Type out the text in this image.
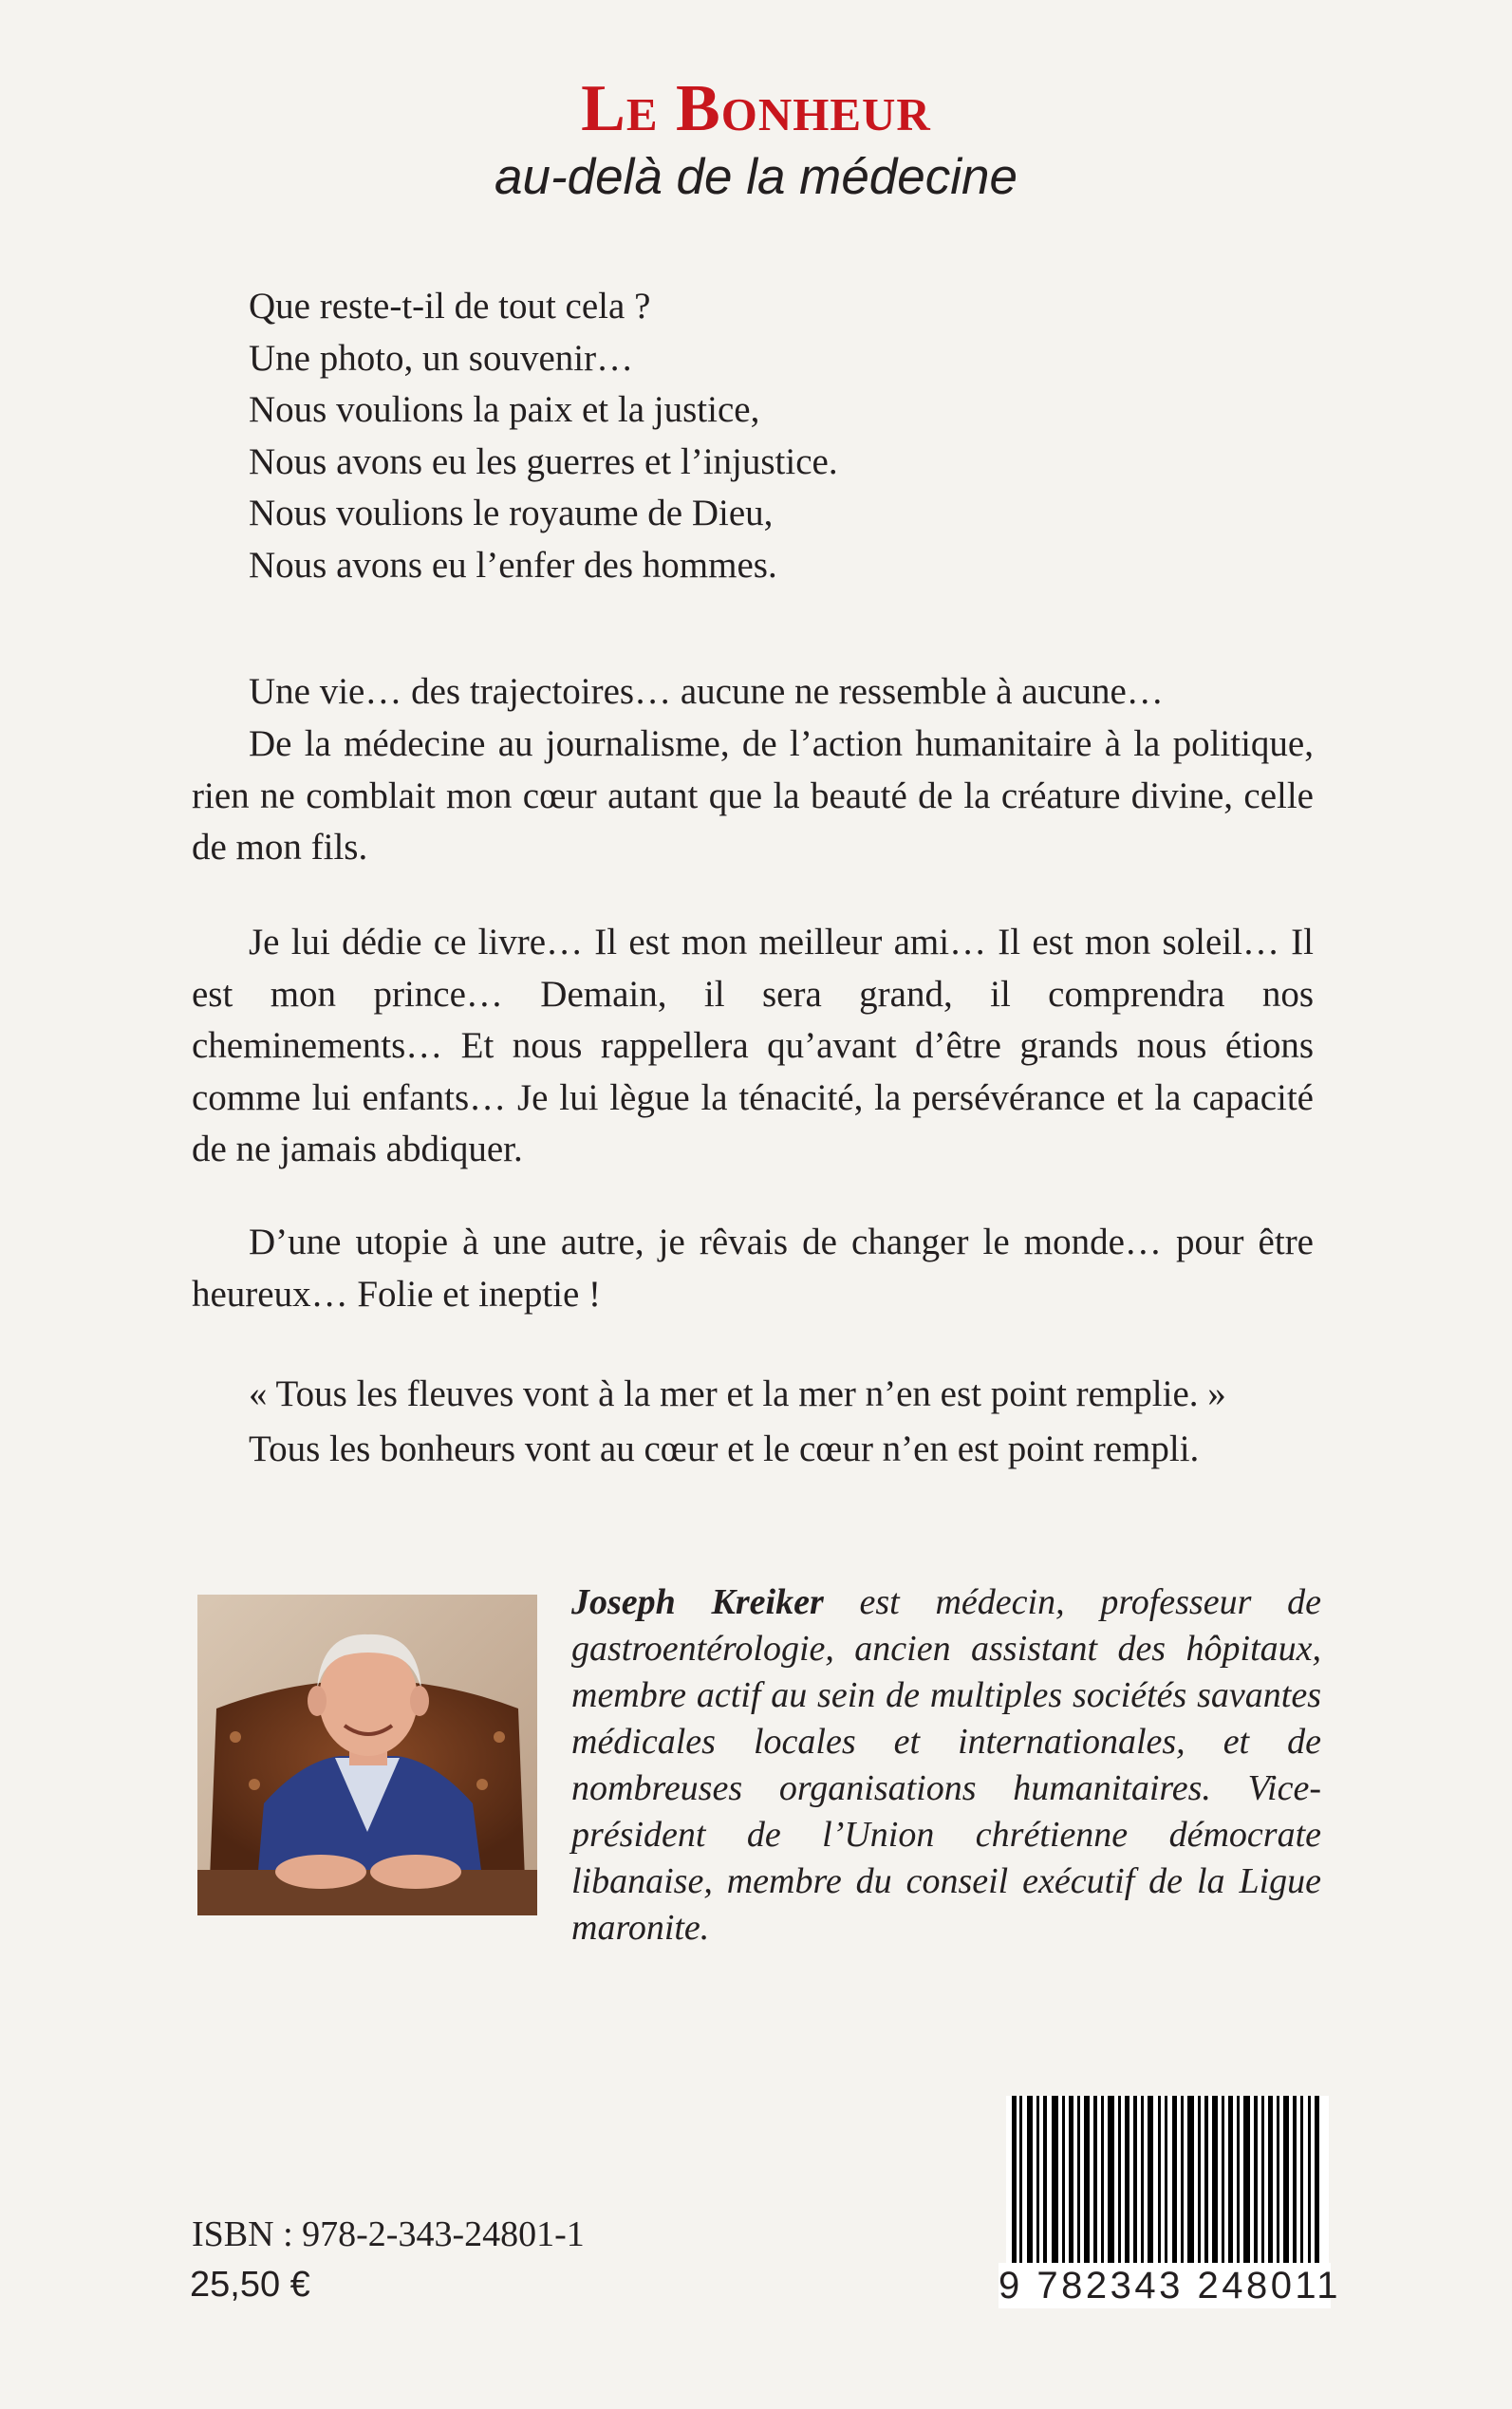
Le Bonheur
au-delà de la médecine
Que reste-t-il de tout cela ?
Une photo, un souvenir…
Nous voulions la paix et la justice,
Nous avons eu les guerres et l’injustice.
Nous voulions le royaume de Dieu,
Nous avons eu l’enfer des hommes.
Une vie… des trajectoires… aucune ne ressemble à aucune…
De la médecine au journalisme, de l’action humanitaire à la politique, rien ne comblait mon cœur autant que la beauté de la créature divine, celle de mon fils.
Je lui dédie ce livre… Il est mon meilleur ami… Il est mon soleil… Il est mon prince… Demain, il sera grand, il comprendra nos cheminements… Et nous rappellera qu’avant d’être grands nous étions comme lui enfants… Je lui lègue la ténacité, la persévérance et la capacité de ne jamais abdiquer.
D’une utopie à une autre, je rêvais de changer le monde… pour être heureux… Folie et ineptie !
« Tous les fleuves vont à la mer et la mer n’en est point remplie. »
Tous les bonheurs vont au cœur et le cœur n’en est point rempli.
Joseph Kreiker est médecin, professeur de gastroentérologie, ancien assistant des hôpitaux, membre actif au sein de multiples sociétés savantes médicales locales et internationales, et de nombreuses organisations humanitaires. Vice-président de l’Union chrétienne démocrate libanaise, membre du conseil exécutif de la Ligue maronite.
ISBN : 978-2-343-24801-1
25,50 €	9 782343 248011
